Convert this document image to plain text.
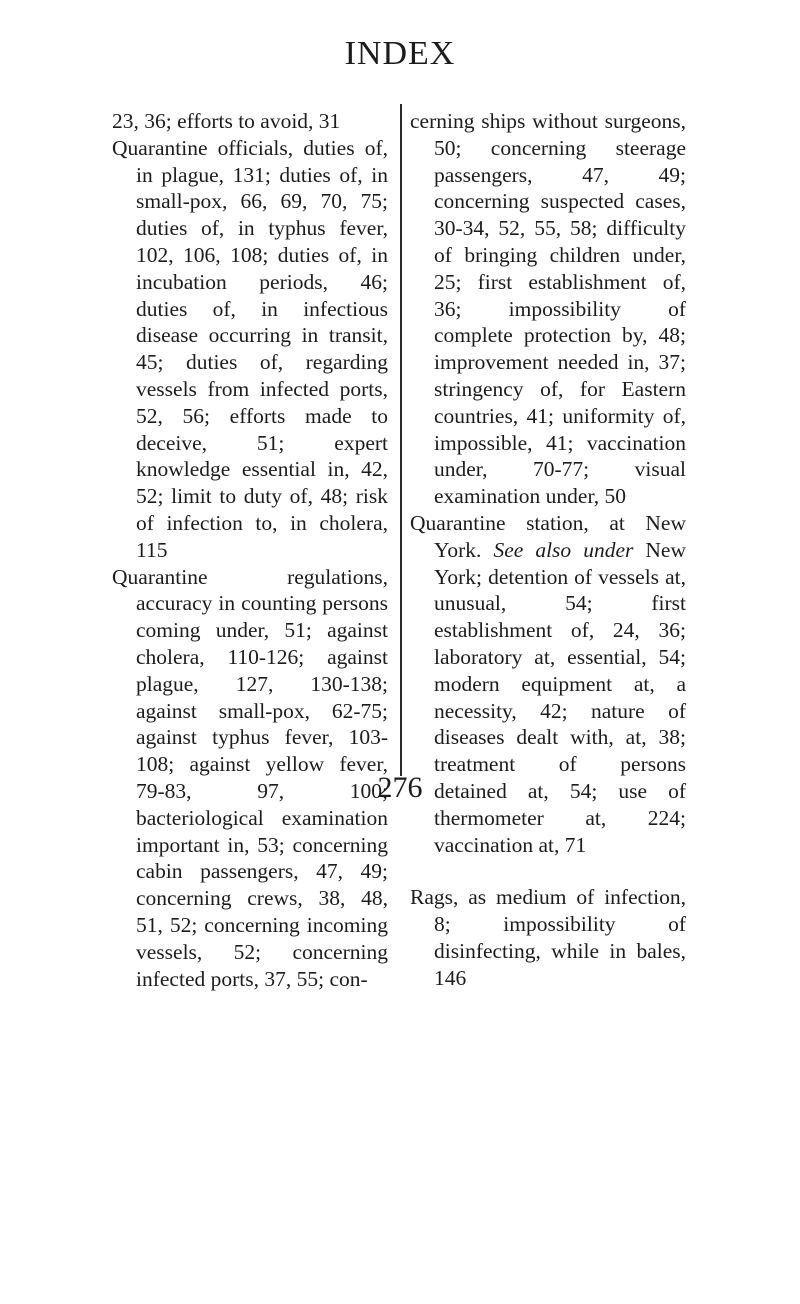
INDEX

23, 36; efforts to avoid, 31

Quarantine officials, duties of, in plague, 131; duties of, in small-pox, 66, 69, 70, 75; duties of, in typhus fever, 102, 106, 108; duties of, in incubation periods, 46; duties of, in infectious disease occurring in transit, 45; duties of, regarding vessels from infected ports, 52, 56; efforts made to deceive, 51; expert knowledge essential in, 42, 52; limit to duty of, 48; risk of infection to, in cholera, 115

Quarantine regulations, accuracy in counting persons coming under, 51; against cholera, 110-126; against plague, 127, 130-138; against small-pox, 62-75; against typhus fever, 103-108; against yellow fever, 79-83, 97, 100; bacteriological examination important in, 53; concerning cabin passengers, 47, 49; concerning crews, 38, 48, 51, 52; concerning incoming vessels, 52; concerning infected ports, 37, 55; con-

cerning ships without surgeons, 50; concerning steerage passengers, 47, 49; concerning suspected cases, 30-34, 52, 55, 58; difficulty of bringing children under, 25; first establishment of, 36; impossibility of complete protection by, 48; improvement needed in, 37; stringency of, for Eastern countries, 41; uniformity of, impossible, 41; vaccination under, 70-77; visual examination under, 50

Quarantine station, at New York. See also under New York; detention of vessels at, unusual, 54; first establishment of, 24, 36; laboratory at, essential, 54; modern equipment at, a necessity, 42; nature of diseases dealt with, at, 38; treatment of persons detained at, 54; use of thermometer at, 224; vaccination at, 71

Rags, as medium of infection, 8; impossibility of disinfecting, while in bales, 146

276
